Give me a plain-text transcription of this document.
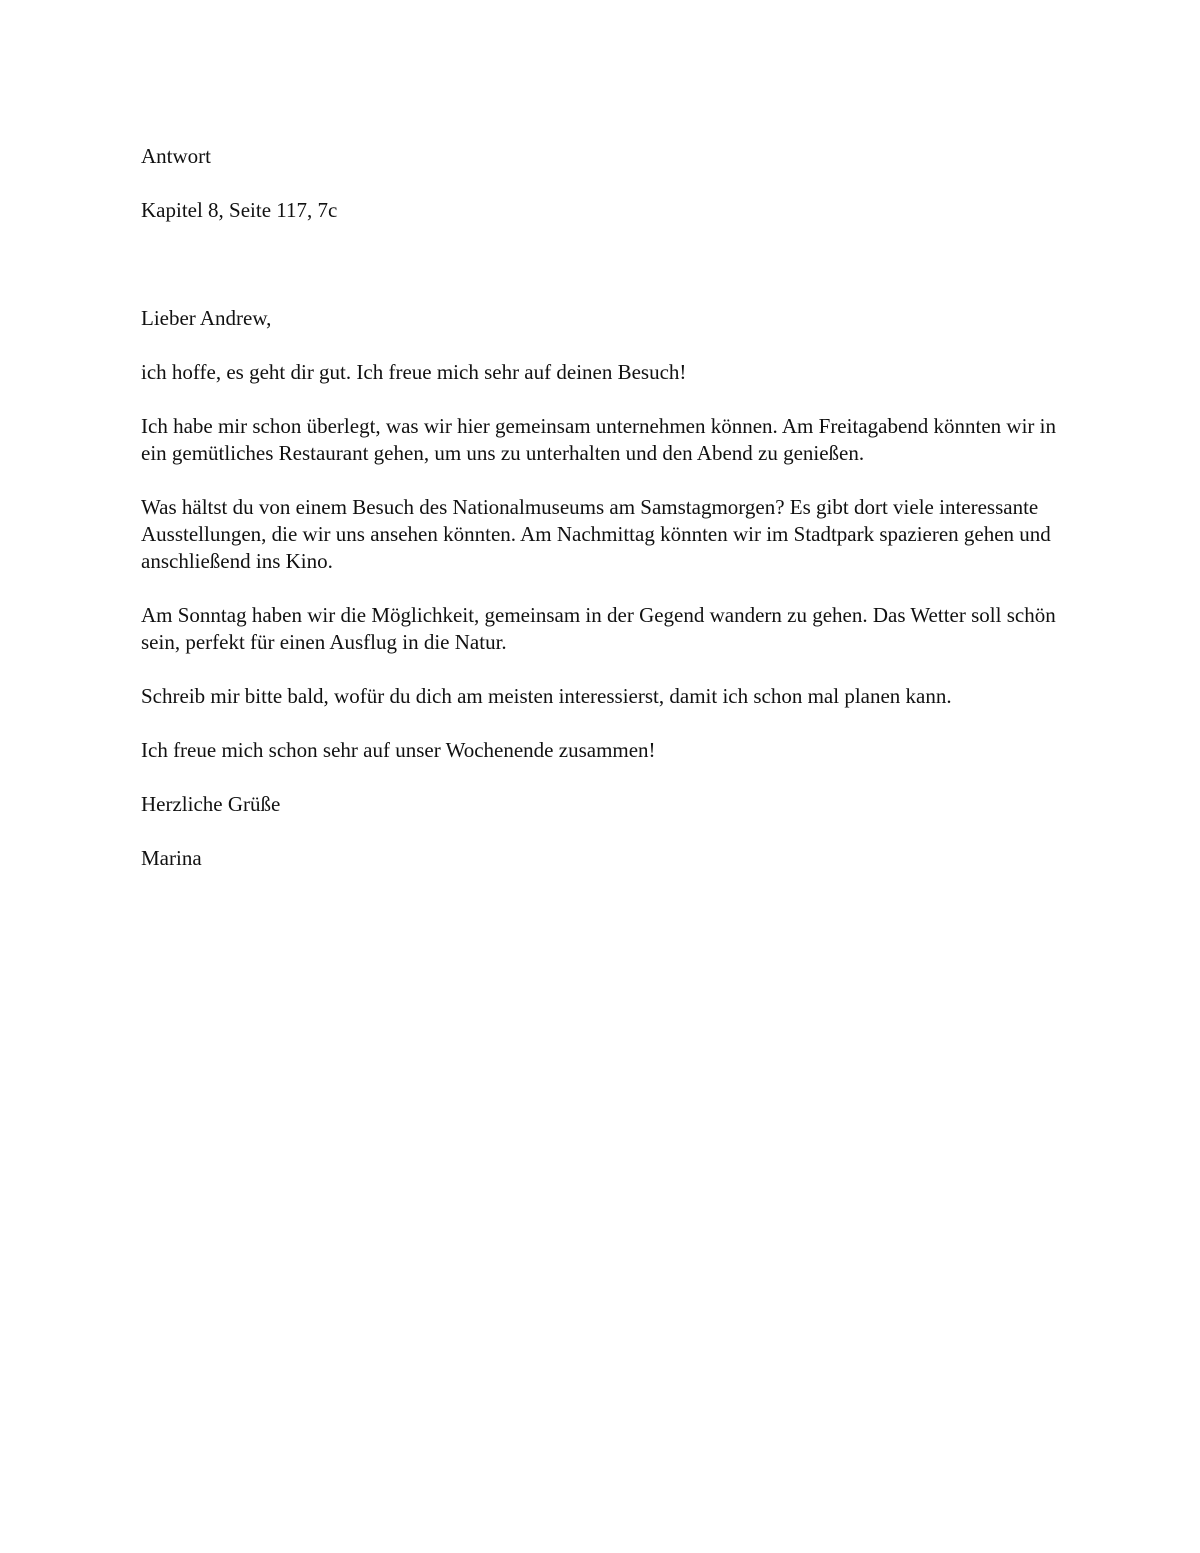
Antwort

Kapitel 8, Seite 117, 7c

Lieber Andrew,

ich hoffe, es geht dir gut. Ich freue mich sehr auf deinen Besuch!

Ich habe mir schon überlegt, was wir hier gemeinsam unternehmen können. Am Freitagabend könnten wir in ein gemütliches Restaurant gehen, um uns zu unterhalten und den Abend zu genießen.

Was hältst du von einem Besuch des Nationalmuseums am Samstagmorgen? Es gibt dort viele interessante Ausstellungen, die wir uns ansehen könnten. Am Nachmittag könnten wir im Stadtpark spazieren gehen und anschließend ins Kino.

Am Sonntag haben wir die Möglichkeit, gemeinsam in der Gegend wandern zu gehen. Das Wetter soll schön sein, perfekt für einen Ausflug in die Natur.

Schreib mir bitte bald, wofür du dich am meisten interessierst, damit ich schon mal planen kann.

Ich freue mich schon sehr auf unser Wochenende zusammen!

Herzliche Grüße

Marina
